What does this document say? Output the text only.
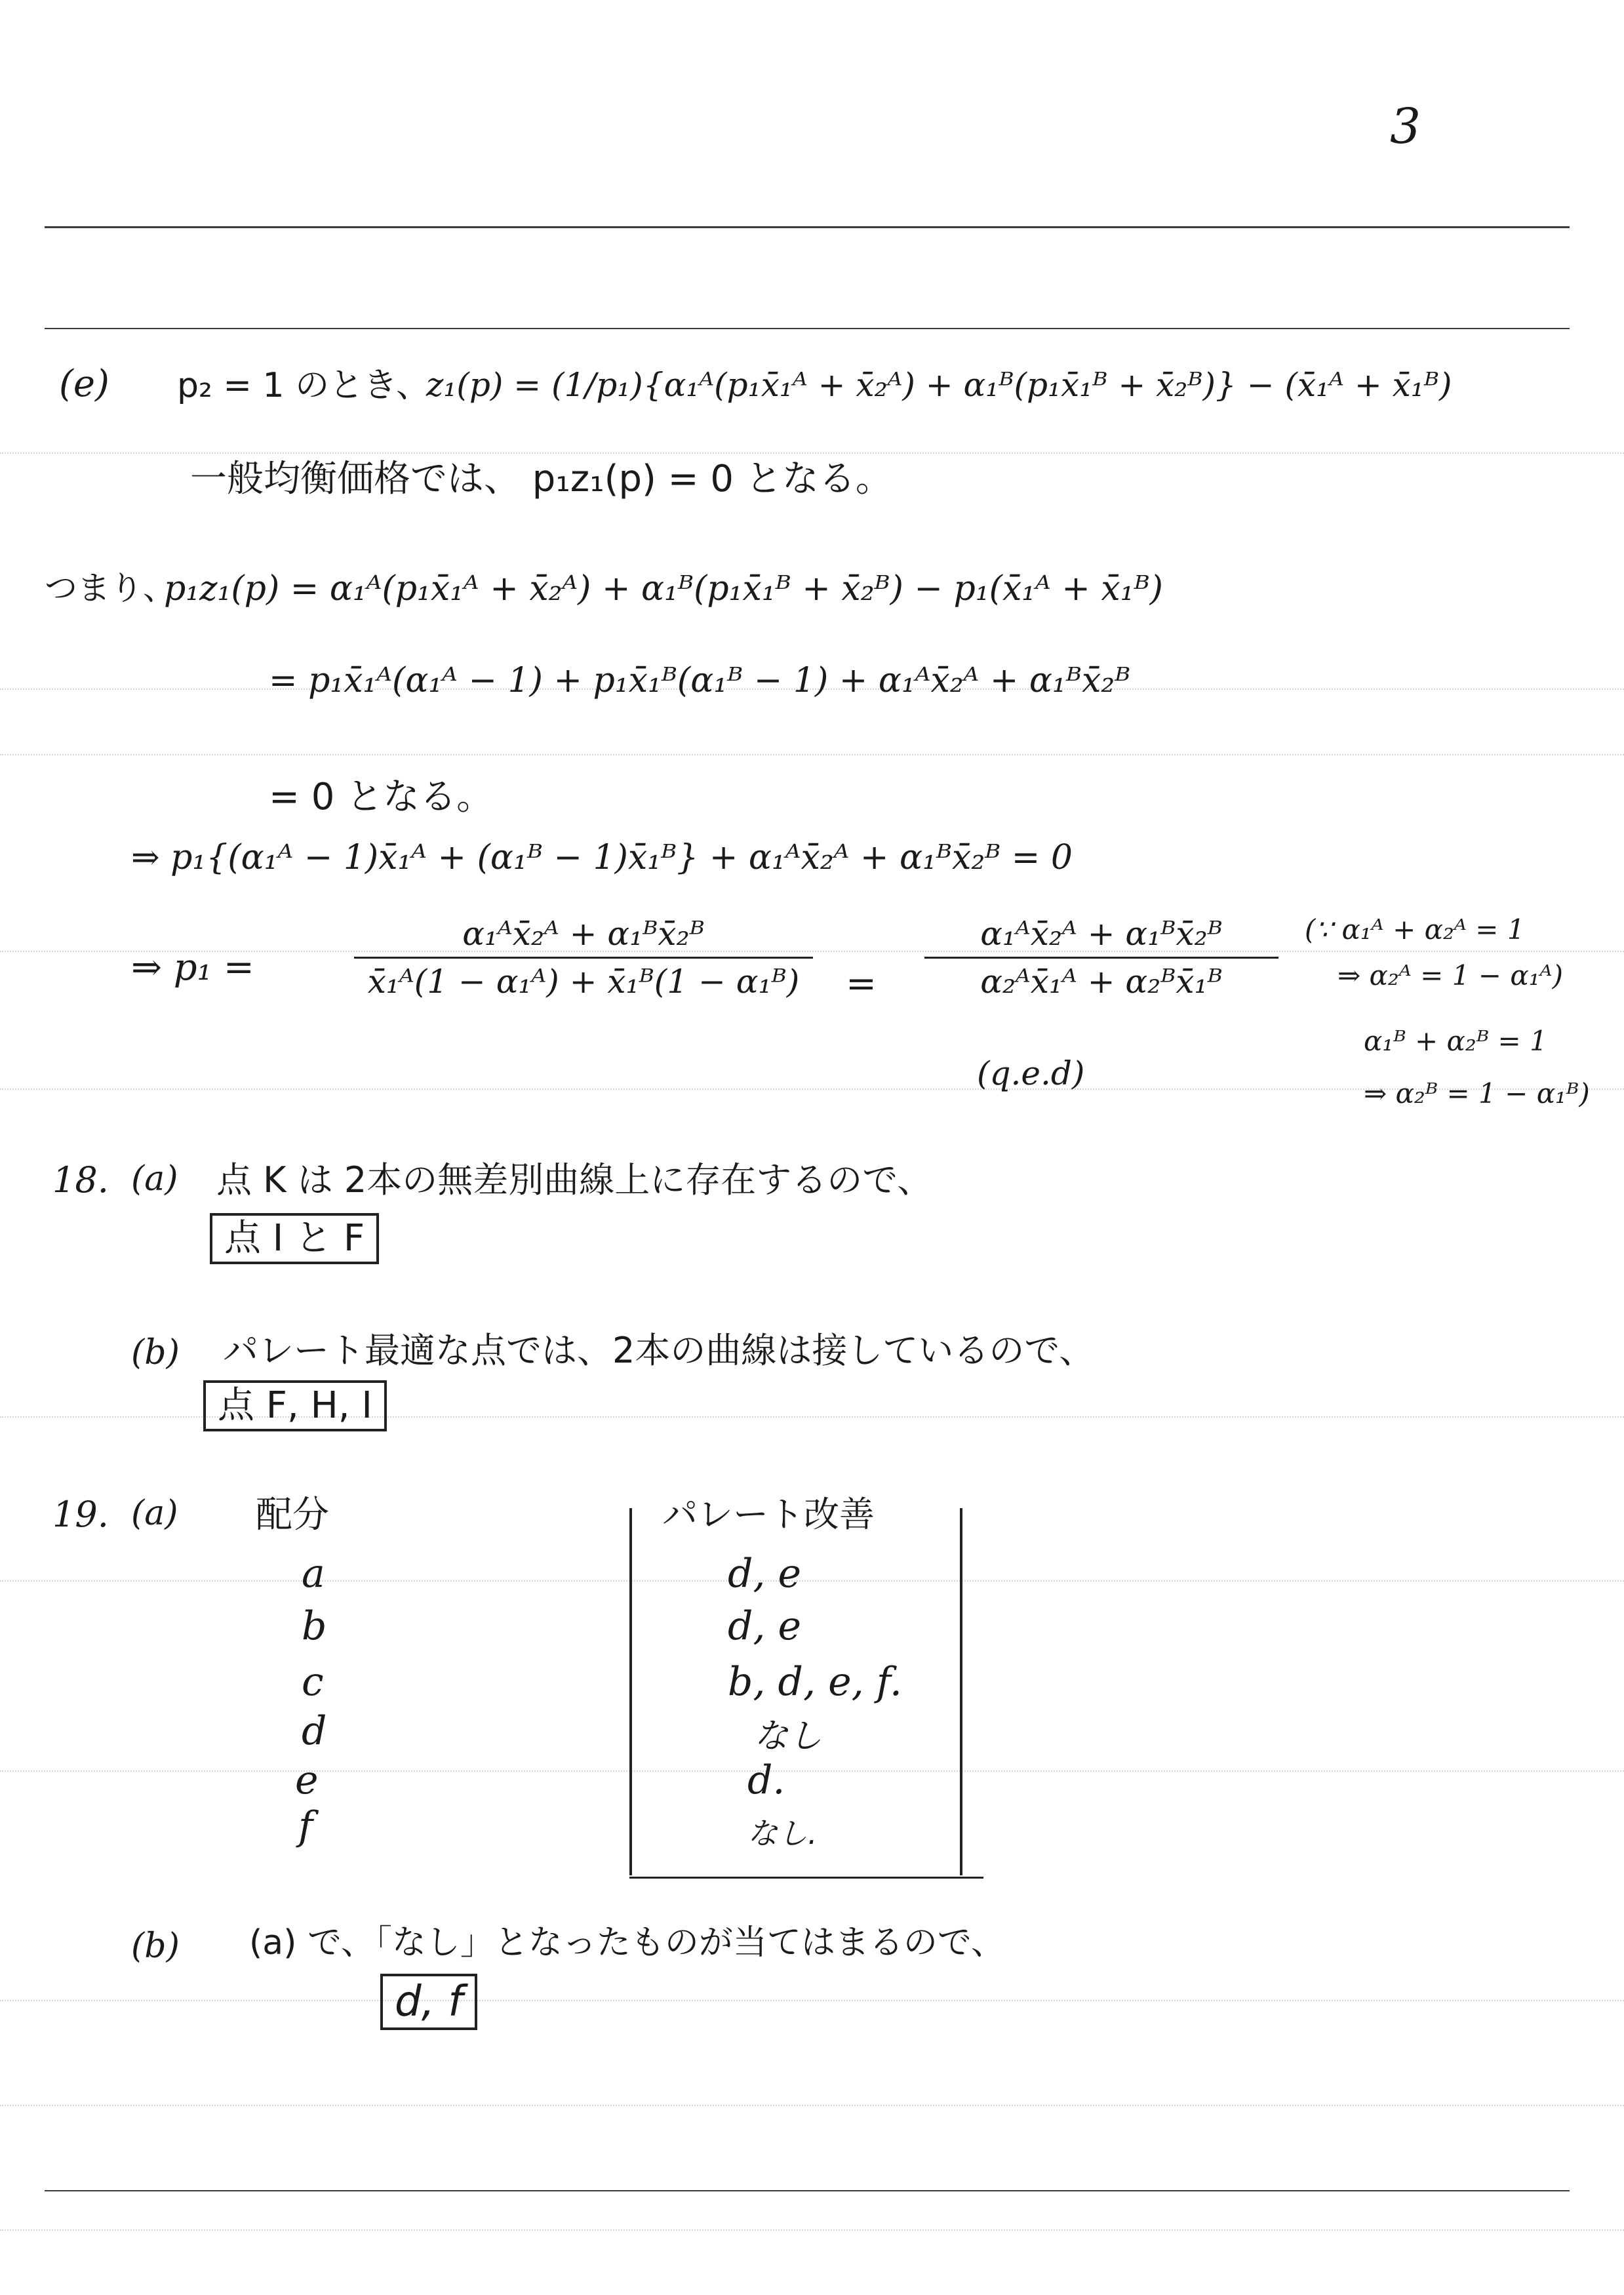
3
(e) p₂ = 1 のとき、
z₁(p) = (1/p₁){α₁ᴬ(p₁x̄₁ᴬ + x̄₂ᴬ) + α₁ᴮ(p₁x̄₁ᴮ + x̄₂ᴮ)} − (x̄₁ᴬ + x̄₁ᴮ)
一般均衡価格では、 p₁z₁(p) = 0 となる。
つまり、
p₁z₁(p) = α₁ᴬ(p₁x̄₁ᴬ + x̄₂ᴬ) + α₁ᴮ(p₁x̄₁ᴮ + x̄₂ᴮ) − p₁(x̄₁ᴬ + x̄₁ᴮ)
= p₁x̄₁ᴬ(α₁ᴬ − 1) + p₁x̄₁ᴮ(α₁ᴮ − 1) + α₁ᴬx̄₂ᴬ + α₁ᴮx̄₂ᴮ
= 0 となる。
⇒ p₁{(α₁ᴬ − 1)x̄₁ᴬ + (α₁ᴮ − 1)x̄₁ᴮ} + α₁ᴬx̄₂ᴬ + α₁ᴮx̄₂ᴮ = 0
⇒ p₁ =	$\frac{\text{α₁ᴬx̄₂ᴬ + α₁ᴮx̄₂ᴮ}}{\text{x̄₁ᴬ(1 − α₁ᴬ) + x̄₁ᴮ(1 − α₁ᴮ)}} = \frac{\text{α₁ᴬx̄₂ᴬ + α₁ᴮx̄₂ᴮ}}{\text{α₂ᴬx̄₁ᴬ + α₂ᴮx̄₁ᴮ}}$ (∵ α₁ᴬ + α₂ᴬ = 1
⇒ α₂ᴬ = 1 − α₁ᴬ)
α₁ᴮ + α₂ᴮ = 1
⇒ α₂ᴮ = 1 − α₁ᴮ)
(q.e.d)
18. (a) 点 K は 2本の無差別曲線上に存在するので、
点 I と F
(b) パレート最適な点では、2本の曲線は接しているので、
点 F, H, I
19. (a) 配分	パレート改善
a
b
c
d
e
f
d, e
d, e
b, d, e, f.
なし
d.
なし.
(b) (a) で、「なし」となったものが当てはまるので、
d, f
